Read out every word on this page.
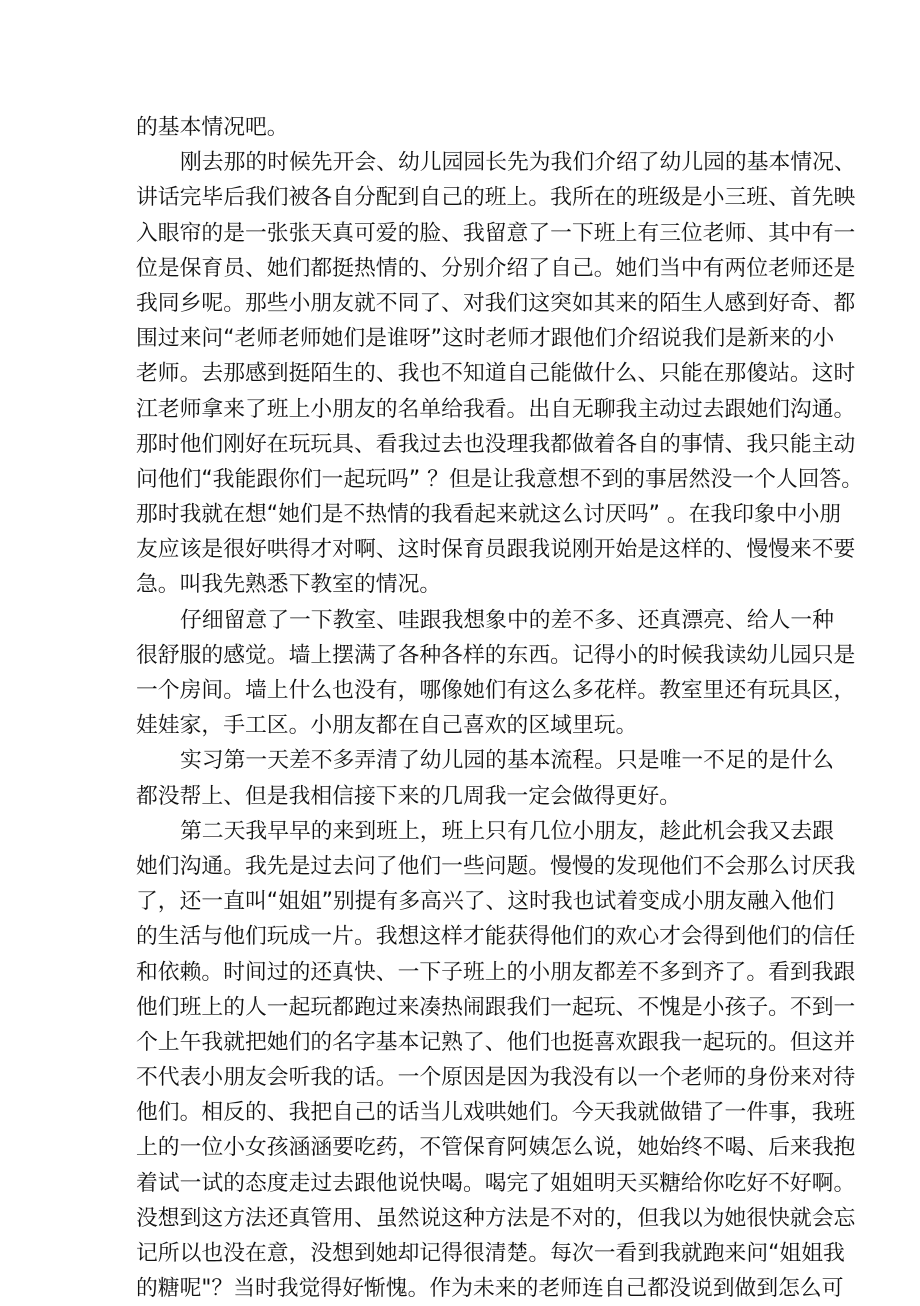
的基本情况吧。
刚去那的时候先开会、幼儿园园长先为我们介绍了幼儿园的基本情况、
讲话完毕后我们被各自分配到自己的班上。我所在的班级是小三班、首先映
入眼帘的是一张张天真可爱的脸、我留意了一下班上有三位老师、其中有一
位是保育员、她们都挺热情的、分别介绍了自己。她们当中有两位老师还是
我同乡呢。那些小朋友就不同了、对我们这突如其来的陌生人感到好奇、都
围过来问“老师老师她们是谁呀”这时老师才跟他们介绍说我们是新来的小
老师。去那感到挺陌生的、我也不知道自己能做什么、只能在那傻站。这时
江老师拿来了班上小朋友的名单给我看。出自无聊我主动过去跟她们沟通。
那时他们刚好在玩玩具、看我过去也没理我都做着各自的事情、我只能主动
问他们“我能跟你们一起玩吗” ？但是让我意想不到的事居然没一个人回答。
那时我就在想“她们是不热情的我看起来就这么讨厌吗” 。在我印象中小朋
友应该是很好哄得才对啊、这时保育员跟我说刚开始是这样的、慢慢来不要
急。叫我先熟悉下教室的情况。
仔细留意了一下教室、哇跟我想象中的差不多、还真漂亮、给人一种
很舒服的感觉。墙上摆满了各种各样的东西。记得小的时候我读幼儿园只是
一个房间。墙上什么也没有，哪像她们有这么多花样。教室里还有玩具区，
娃娃家，手工区。小朋友都在自己喜欢的区域里玩。
实习第一天差不多弄清了幼儿园的基本流程。只是唯一不足的是什么
都没帮上、但是我相信接下来的几周我一定会做得更好。
第二天我早早的来到班上，班上只有几位小朋友，趁此机会我又去跟
她们沟通。我先是过去问了他们一些问题。慢慢的发现他们不会那么讨厌我
了，还一直叫“姐姐”别提有多高兴了、这时我也试着变成小朋友融入他们
的生活与他们玩成一片。我想这样才能获得他们的欢心才会得到他们的信任
和依赖。时间过的还真快、一下子班上的小朋友都差不多到齐了。看到我跟
他们班上的人一起玩都跑过来凑热闹跟我们一起玩、不愧是小孩子。不到一
个上午我就把她们的名字基本记熟了、他们也挺喜欢跟我一起玩的。但这并
不代表小朋友会听我的话。一个原因是因为我没有以一个老师的身份来对待
他们。相反的、我把自己的话当儿戏哄她们。今天我就做错了一件事，我班
上的一位小女孩涵涵要吃药，不管保育阿姨怎么说，她始终不喝、后来我抱
着试一试的态度走过去跟他说快喝。喝完了姐姐明天买糖给你吃好不好啊。
没想到这方法还真管用、虽然说这种方法是不对的，但我以为她很快就会忘
记所以也没在意，没想到她却记得很清楚。每次一看到我就跑来问“姐姐我
的糖呢"？当时我觉得好惭愧。作为未来的老师连自己都没说到做到怎么可
